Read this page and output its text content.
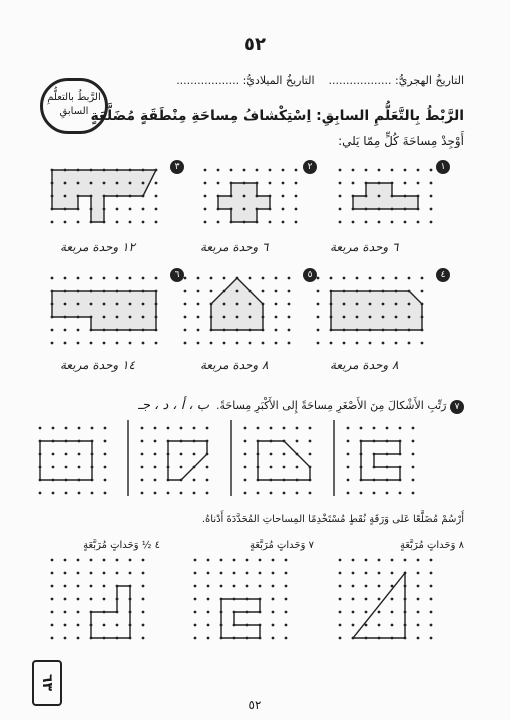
٥٢
التاريخُ الهجريُّ: ..................    التاريخُ الميلاديُّ: ..................
الرَّبطُ بالتعلُّمِ السابقِ الرَّبْطُ بِالتَّعَلُّمِ السابِقِ: اِسْتِكْشافُ مِساحَةِ مِنْطَقَةٍ مُضَلَّعَةٍ
أَوْجِدْ مِساحَةَ كُلٍّ مِمّا يَلي:
١
٢
٣
٤
٥
٦
٦ وحدة مربعة
٦ وحدة مربعة
١٢ وحدة مربعة
٨ وحدة مربعة
٨ وحدة مربعة
١٤ وحدة مربعة
٧ رَتِّبِ الأَشْكالَ مِنَ الأَصْغَرِ مِساحَةً إِلى الأَكْبَرِ مِساحَةً.  ب ، أ ، د ، جـ
أَرْسُمْ مُضَلَّعًا عَلى وَرَقَةٍ نُقَطٍ مُسْتَخْدِمًا المِساحاتِ المُحَدَّدَةَ أَدْناهُ.
٨ وَحَداتٍ مُرَبَّعَةٍ
٧ وَحَداتٍ مُرَبَّعَةٍ
٤ ½ وَحَداتٍ مُرَبَّعَةٍ
٦٣
٥٢
